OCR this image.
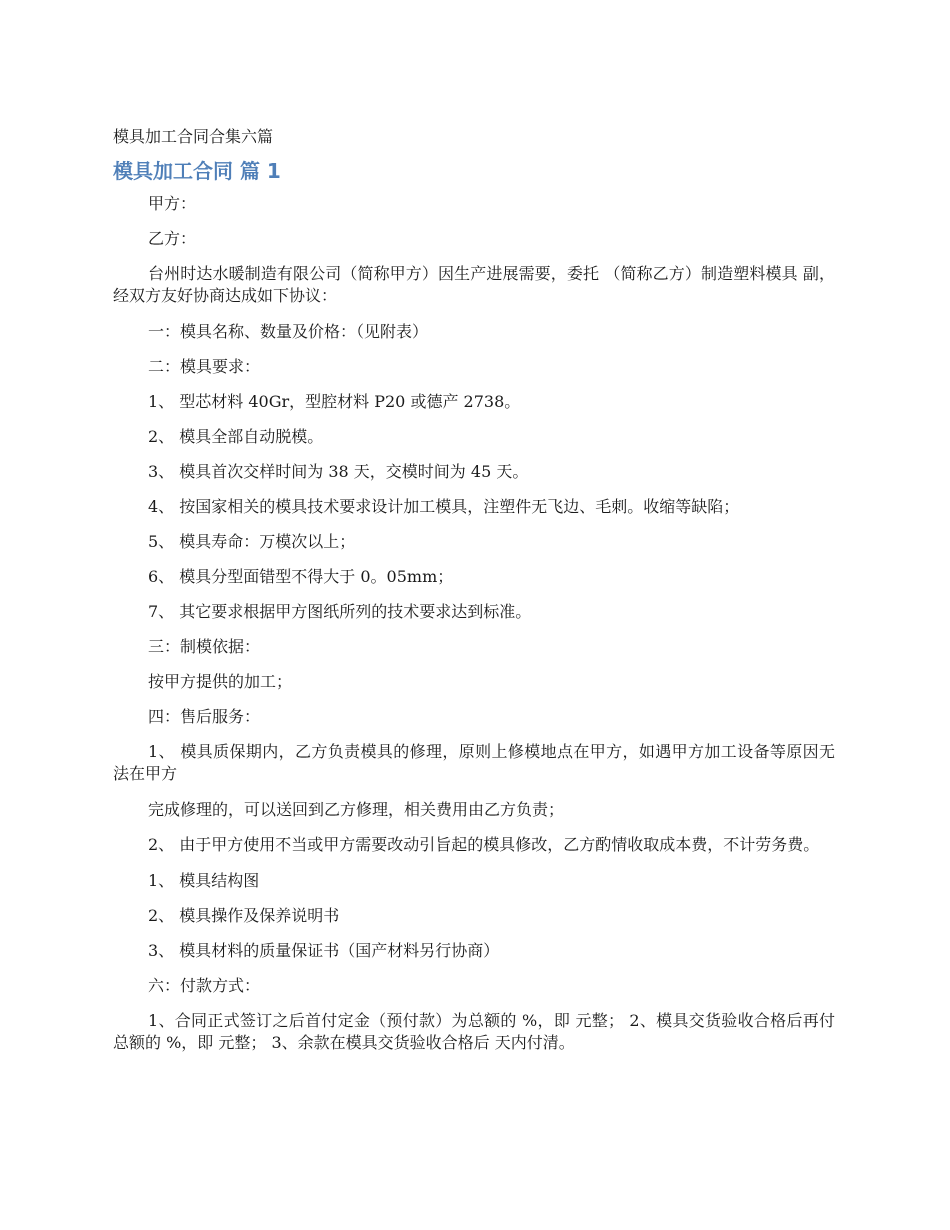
模具加工合同合集六篇
模具加工合同 篇 1

甲方：

乙方：

台州时达水暖制造有限公司（简称甲方）因生产进展需要，委托 （简称乙方）制造塑料模具 副，经双方友好协商达成如下协议：

一：模具名称、数量及价格：（见附表）

二：模具要求：

1、 型芯材料 40Gr，型腔材料 P20 或德产 2738。

2、 模具全部自动脱模。

3、 模具首次交样时间为 38 天，交模时间为 45 天。

4、 按国家相关的模具技术要求设计加工模具，注塑件无飞边、毛刺。收缩等缺陷；

5、 模具寿命：万模次以上；

6、 模具分型面错型不得大于 0。05mm；

7、 其它要求根据甲方图纸所列的技术要求达到标准。

三：制模依据：

按甲方提供的加工；

四：售后服务：

1、 模具质保期内，乙方负责模具的修理，原则上修模地点在甲方，如遇甲方加工设备等原因无法在甲方

完成修理的，可以送回到乙方修理，相关费用由乙方负责；

2、 由于甲方使用不当或甲方需要改动引旨起的模具修改，乙方酌情收取成本费，不计劳务费。

1、 模具结构图

2、 模具操作及保养说明书

3、 模具材料的质量保证书（国产材料另行协商）

六：付款方式：

1、合同正式签订之后首付定金（预付款）为总额的 %，即 元整； 2、模具交货验收合格后再付总额的 %，即 元整； 3、余款在模具交货验收合格后 天内付清。
